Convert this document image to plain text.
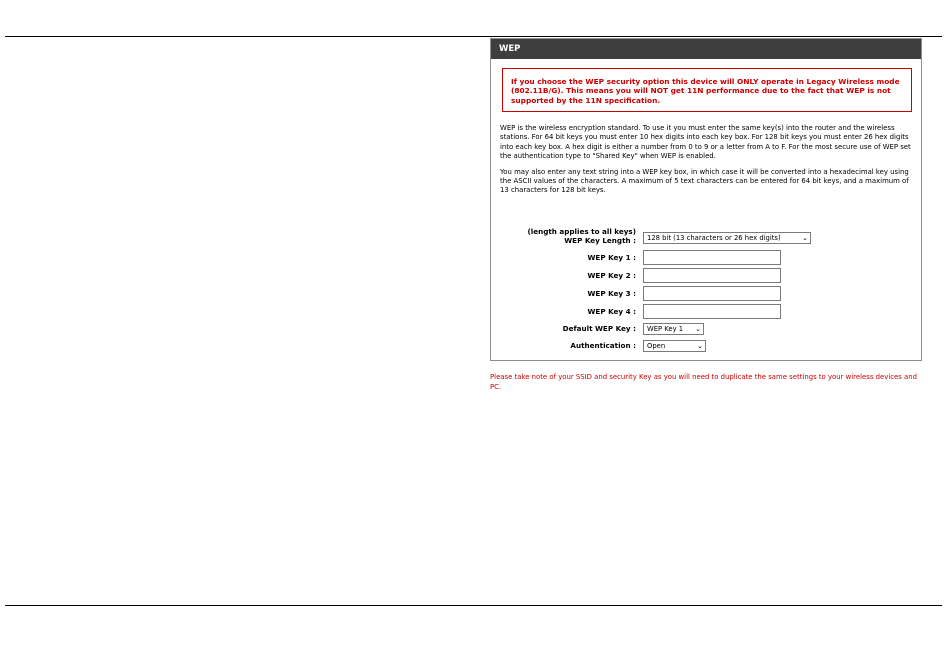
WEP
If you choose the WEP security option this device will ONLY operate in Legacy Wireless mode (802.11B/G). This means you will NOT get 11N performance due to the fact that WEP is not supported by the 11N specification.
WEP is the wireless encryption standard. To use it you must enter the same key(s) into the router and the wireless stations. For 64 bit keys you must enter 10 hex digits into each key box. For 128 bit keys you must enter 26 hex digits into each key box. A hex digit is either a number from 0 to 9 or a letter from A to F. For the most secure use of WEP set the authentication type to "Shared Key" when WEP is enabled.
You may also enter any text string into a WEP key box, in which case it will be converted into a hexadecimal key using the ASCII values of the characters. A maximum of 5 text characters can be entered for 64 bit keys, and a maximum of 13 characters for 128 bit keys.
(length applies to all keys)
WEP Key Length :	128 bit (13 characters or 26 hex digits)	⌄
WEP Key 1 :
WEP Key 2 :
WEP Key 3 :
WEP Key 4 :
Default WEP Key :	WEP Key 1 ⌄
Authentication :	Open	⌄
Please take note of your SSID and security Key as you will need to duplicate the same settings to your wireless devices and PC.
